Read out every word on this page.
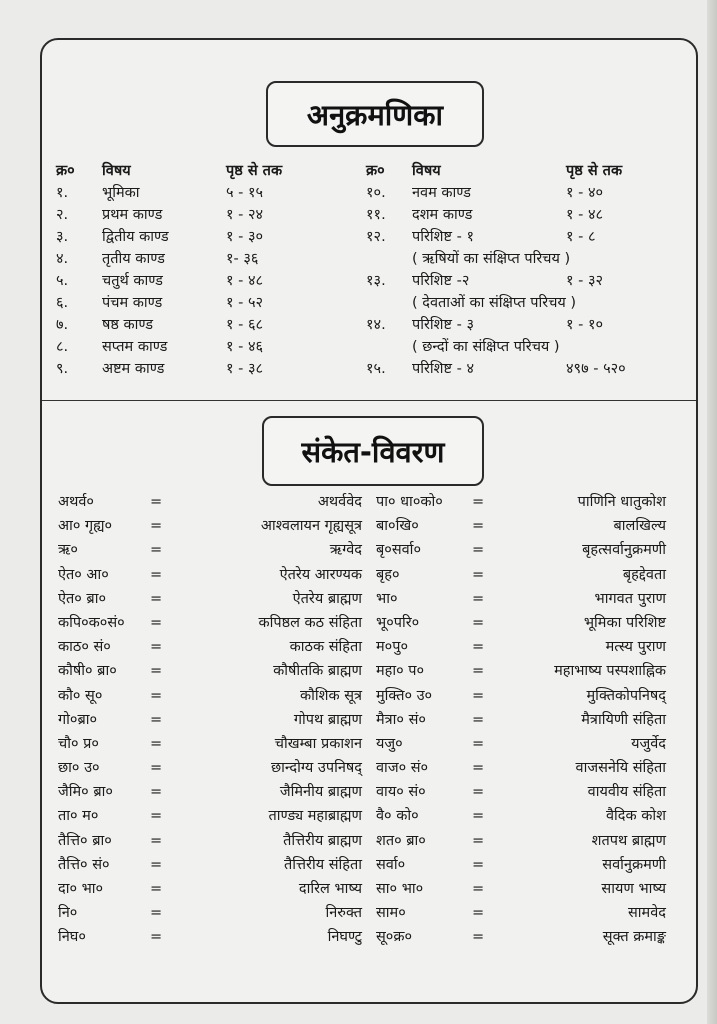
अनुक्रमणिका
क्र० विषय	पृष्ठ से तक
१. भूमिका	५ - १५
२. प्रथम काण्ड	१ - २४
३. द्वितीय काण्ड	१ - ३०
४. तृतीय काण्ड	१- ३६
५. चतुर्थ काण्ड	१ - ४८
६. पंचम काण्ड	१ - ५२
७. षष्ठ काण्ड	१ - ६८
८. सप्तम काण्ड	१ - ४६
९. अष्टम काण्ड	१ - ३८
क्र० विषय	पृष्ठ से तक
१०. नवम काण्ड	१ - ४०
११. दशम काण्ड	१ - ४८
१२. परिशिष्ट - १	१ - ८
( ऋषियों का संक्षिप्त परिचय )
१३. परिशिष्ट -२	१ - ३२
( देवताओं का संक्षिप्त परिचय )
१४. परिशिष्ट - ३	१ - १०
( छन्दों का संक्षिप्त परिचय )
१५. परिशिष्ट - ४	४९७ - ५२०
संकेत-विवरण
अथर्व०	=	अथर्ववेद
आ० गृह्य०	=	आश्वलायन गृह्यसूत्र
ऋ०	=	ऋग्वेद
ऐत० आ०	=	ऐतरेय आरण्यक
ऐत० ब्रा०	=	ऐतरेय ब्राह्मण
कपि०क०सं० =	कपिष्ठल कठ संहिता
काठ० सं०	=	काठक संहिता
कौषी० ब्रा० =	कौषीतकि ब्राह्मण
कौ० सू०	=	कौशिक सूत्र
गो०ब्रा०	=	गोपथ ब्राह्मण
चौ० प्र०	=	चौखम्बा प्रकाशन
छा० उ०	=	छान्दोग्य उपनिषद्
जैमि० ब्रा०	=	जैमिनीय ब्राह्मण
ता० म०	=	ताण्ड्य महाब्राह्मण
तैत्ति० ब्रा०	=	तैत्तिरीय ब्राह्मण
तैत्ति० सं०	=	तैत्तिरीय संहिता
दा० भा०	=	दारिल भाष्य
नि०	=	निरुक्त
निघ०	=	निघण्टु
पा० धा०को० =	पाणिनि धातुकोश
बा०खि०	=	बालखिल्य
बृ०सर्वा०	=	बृहत्सर्वानुक्रमणी
बृह०	=	बृहद्देवता
भा०	=	भागवत पुराण
भू०परि०	=	भूमिका परिशिष्ट
म०पु०	=	मत्स्य पुराण
महा० प०	=	महाभाष्य पस्पशाह्निक
मुक्ति० उ०	=	मुक्तिकोपनिषद्
मैत्रा० सं०	=	मैत्रायिणी संहिता
यजु०	=	यजुर्वेद
वाज० सं०	=	वाजसनेयि संहिता
वाय० सं०	=	वायवीय संहिता
वै० को०	=	वैदिक कोश
शत० ब्रा०	=	शतपथ ब्राह्मण
सर्वा०	=	सर्वानुक्रमणी
सा० भा०	=	सायण भाष्य
साम०	=	सामवेद
सू०क्र०	=	सूक्त क्रमाङ्क
